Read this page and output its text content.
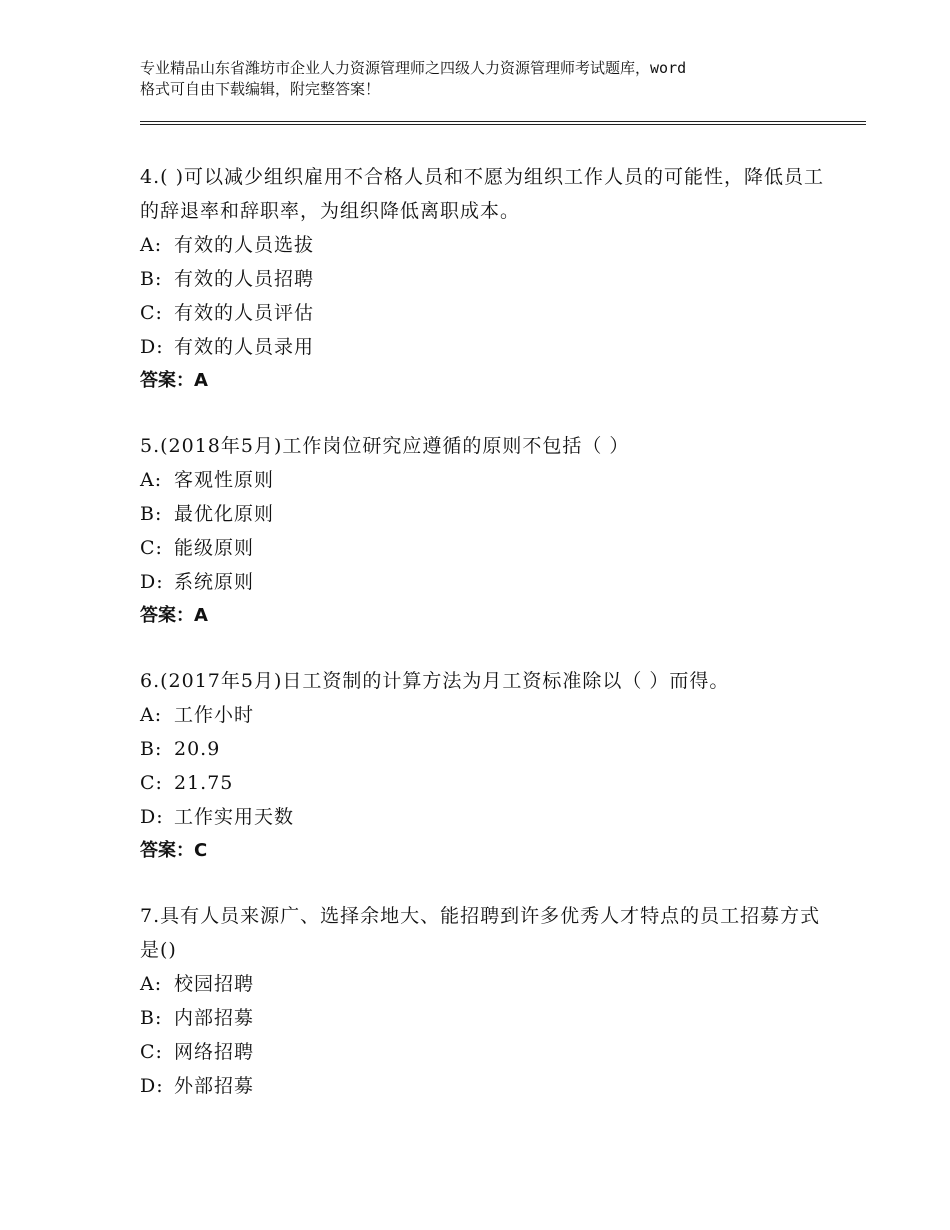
专业精品山东省潍坊市企业人力资源管理师之四级人力资源管理师考试题库，word
格式可自由下载编辑，附完整答案！
4.( )可以减少组织雇用不合格人员和不愿为组织工作人员的可能性，降低员工的辞退率和辞职率，为组织降低离职成本。
A: 有效的人员选拔
B: 有效的人员招聘
C: 有效的人员评估
D: 有效的人员录用
答案：A
5.(2018年5月)工作岗位研究应遵循的原则不包括（ ）
A: 客观性原则
B: 最优化原则
C: 能级原则
D: 系统原则
答案：A
6.(2017年5月)日工资制的计算方法为月工资标准除以（ ）而得。
A: 工作小时
B: 20.9
C: 21.75
D: 工作实用天数
答案：C
7.具有人员来源广、选择余地大、能招聘到许多优秀人才特点的员工招募方式是()
A: 校园招聘
B: 内部招募
C: 网络招聘
D: 外部招募
